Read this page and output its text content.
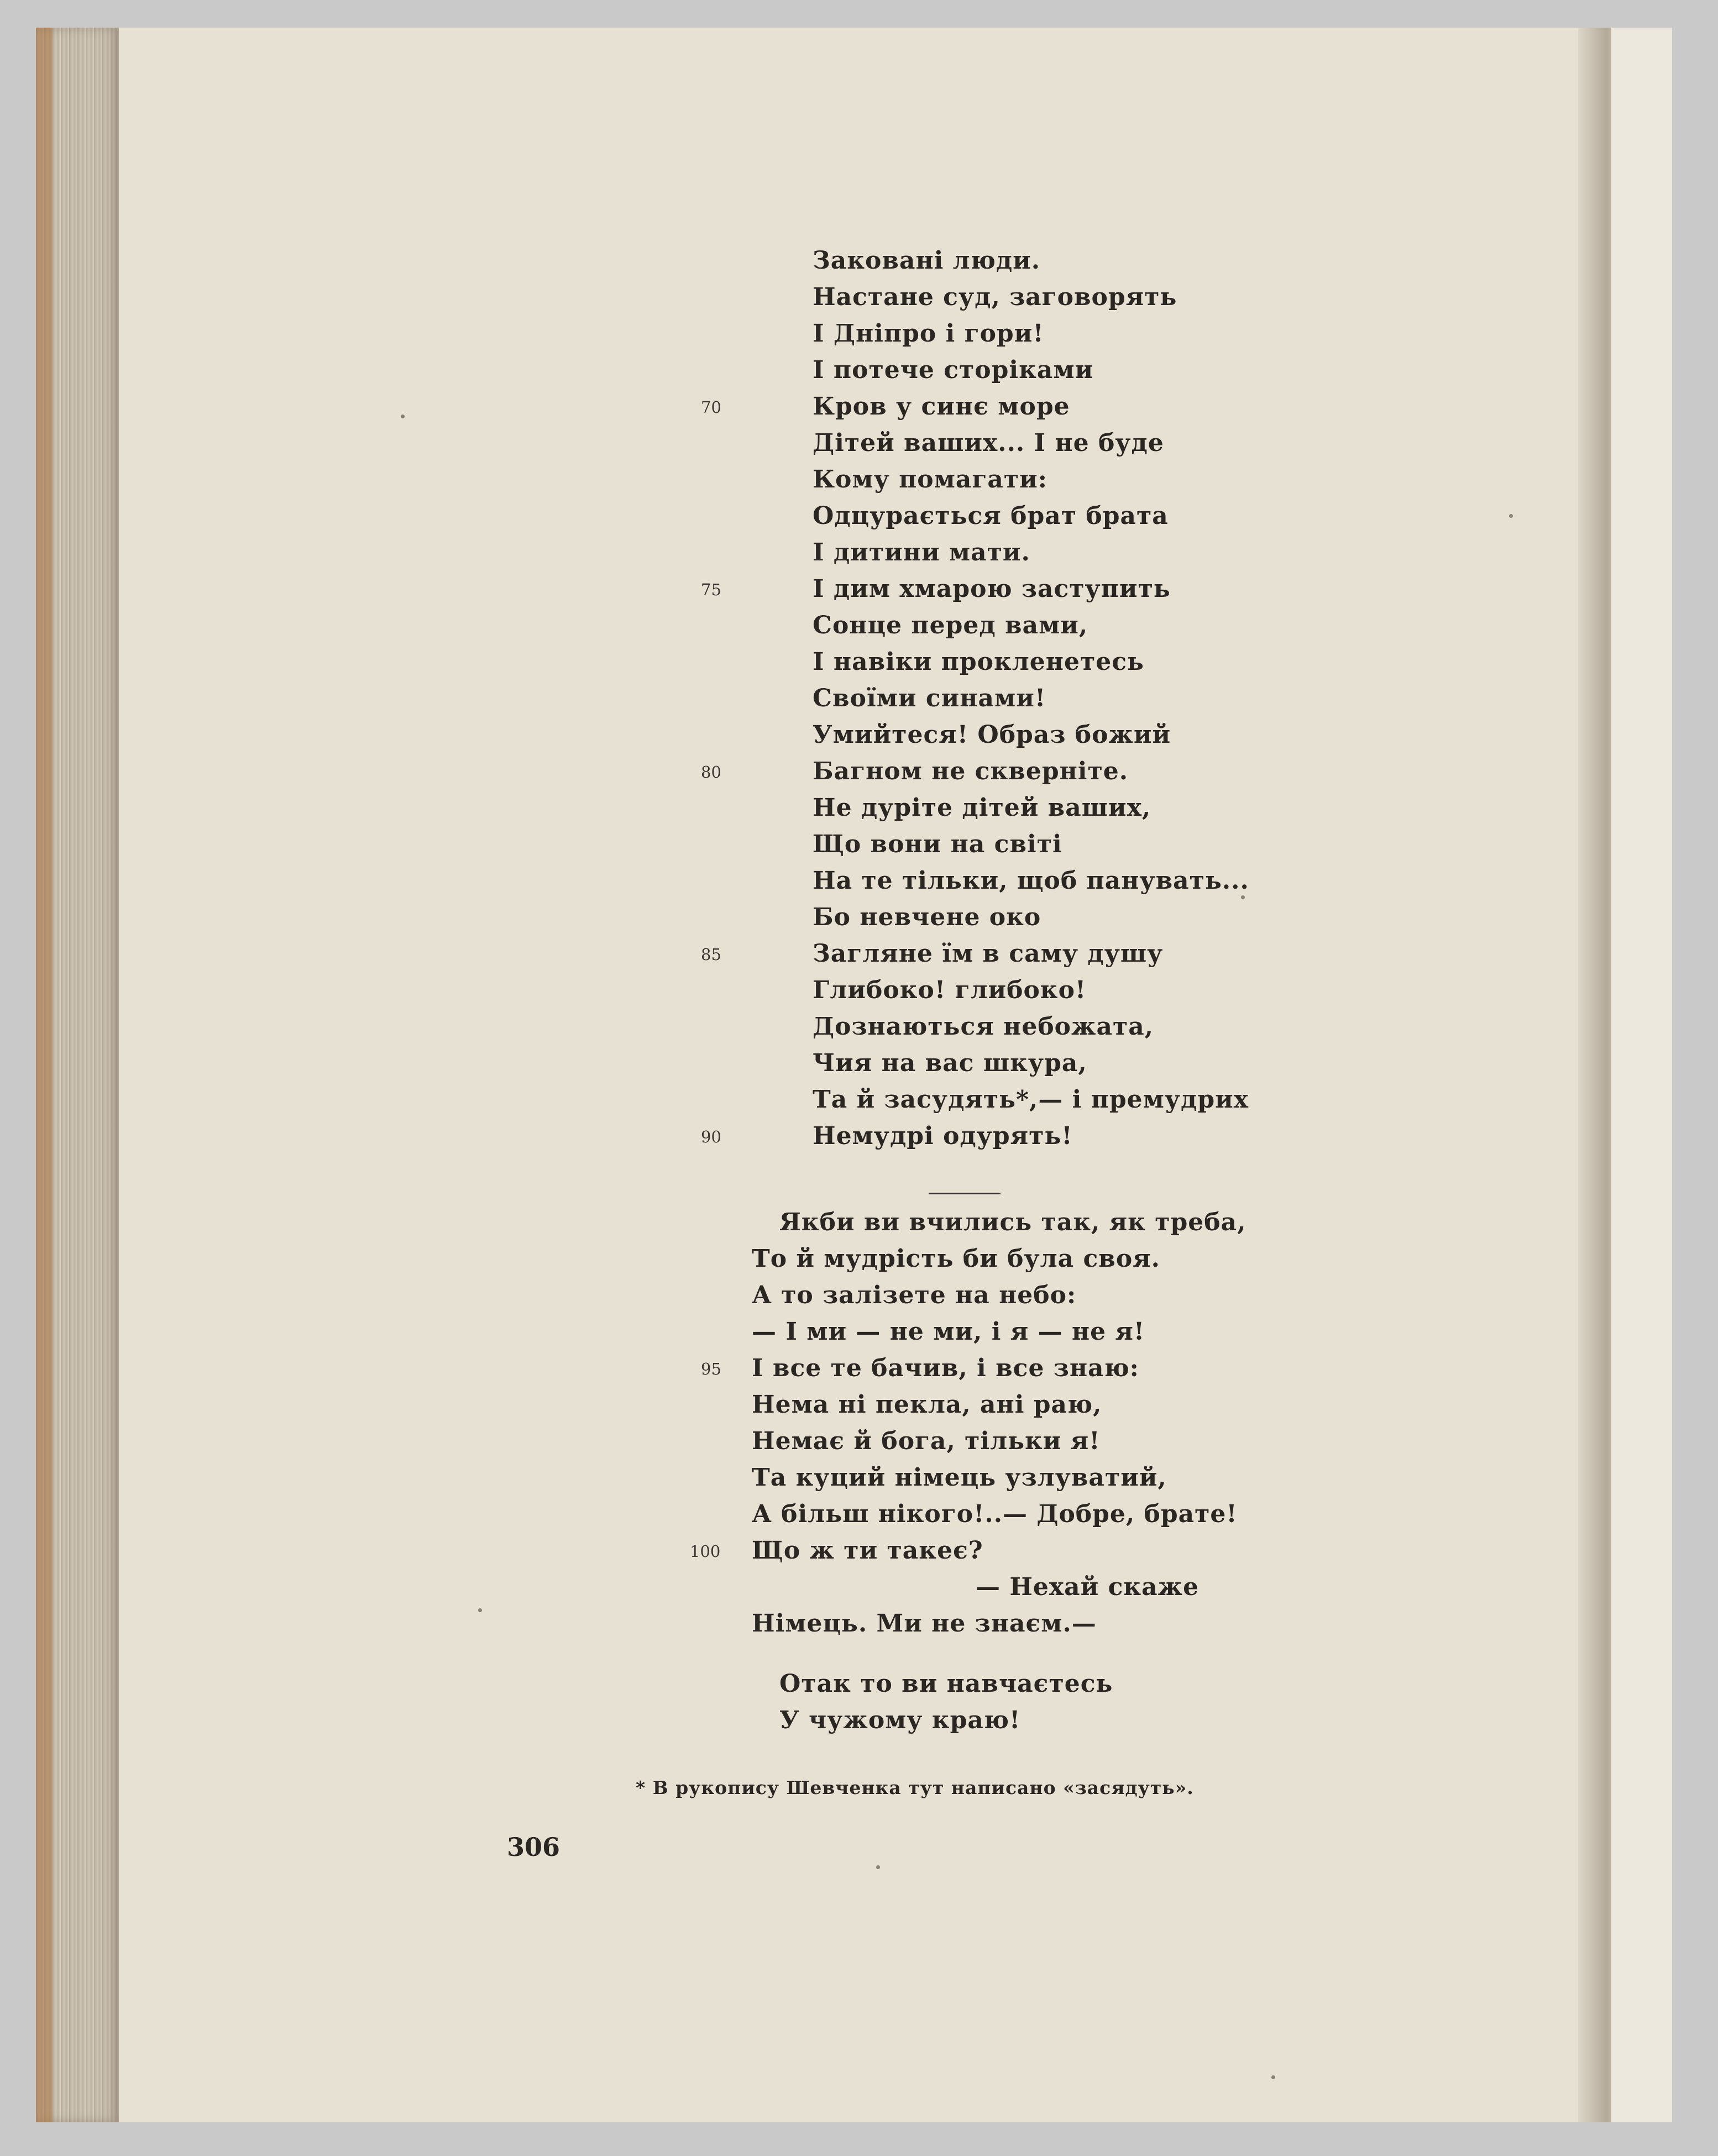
Заковані люди.
Настане суд, заговорять
І Дніпро і гори!
І потече сторіками
Кров у синє море
Дітей ваших... І не буде
Кому помагати:
Одцурається брат брата
І дитини мати.
І дим хмарою заступить
Сонце перед вами,
І навіки прокленетесь
Своїми синами!
Умийтеся! Образ божий
Багном не скверніте.
Не дуріте дітей ваших,
Що вони на світі
На те тільки, щоб панувать...
Бо невчене око
Загляне їм в саму душу
Глибоко! глибоко!
Дознаються небожата,
Чия на вас шкура,
Та й засудять*,— і премудрих
Немудрі одурять!
Якби ви вчились так, як треба,
То й мудрість би була своя.
А то залізете на небо:
— І ми — не ми, і я — не я!
І все те бачив, і все знаю:
Нема ні пекла, ані раю,
Немає й бога, тільки я!
Та куций німець узлуватий,
А більш нікого!..— Добре, брате!
Що ж ти такеє?
— Нехай скаже
Німець. Ми не знаєм.—
Отак то ви навчаєтесь
У чужому краю!
70
75
80
85
90
95
100
* В рукопису Шевченка тут написано «засядуть».
306
